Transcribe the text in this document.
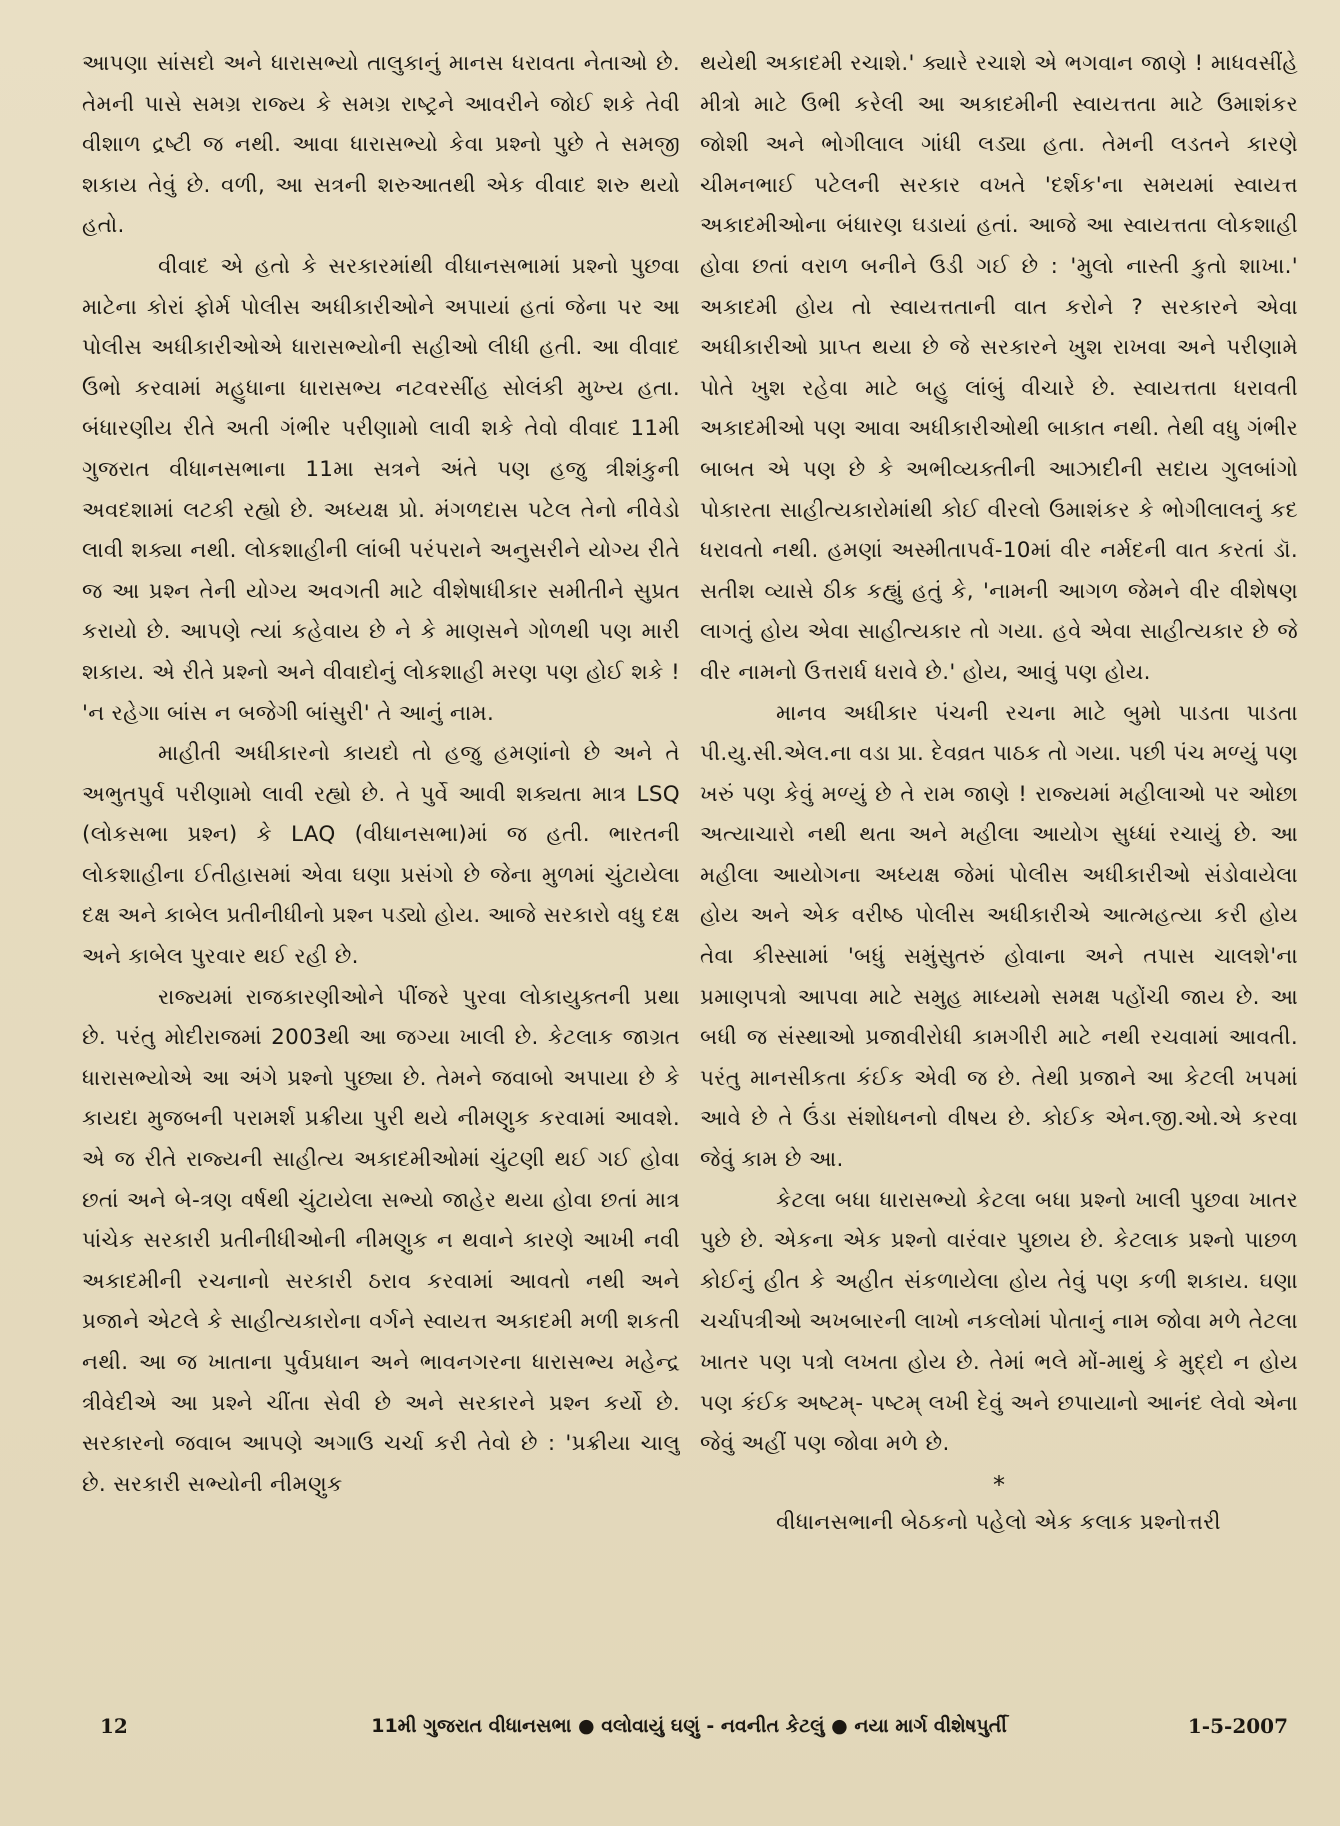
આપણા સાંસદો અને ધારાસભ્યો તાલુકાનું માનસ ધરાવતા નેતાઓ છે. તેમની પાસે સમગ્ર રાજ્ય કે સમગ્ર રાષ્ટ્રને આવરીને જોઈ શકે તેવી વીશાળ દ્રષ્ટી જ નથી. આવા ધારાસભ્યો કેવા પ્રશ્નો પુછે તે સમજી શકાય તેવું છે. વળી, આ સત્રની શરુઆતથી એક વીવાદ શરુ થયો હતો.

વીવાદ એ હતો કે સરકારમાંથી વીધાનસભામાં પ્રશ્નો પુછવા માટેના કોરાં ફોર્મ પોલીસ અધીકારીઓને અપાયાં હતાં જેના પર આ પોલીસ અધીકારીઓએ ધારાસભ્યોની સહીઓ લીધી હતી. આ વીવાદ ઉભો કરવામાં મહુધાના ધારાસભ્ય નટવરસીંહ સોલંકી મુખ્ય હતા. બંધારણીય રીતે અતી ગંભીર પરીણામો લાવી શકે તેવો વીવાદ 11મી ગુજરાત વીધાનસભાના 11મા સત્રને અંતે પણ હજુ ત્રીશંકુની અવદશામાં લટકી રહ્યો છે. અધ્યક્ષ પ્રો. મંગળદાસ પટેલ તેનો નીવેડો લાવી શક્યા નથી. લોકશાહીની લાંબી પરંપરાને અનુસરીને યોગ્ય રીતે જ આ પ્રશ્ન તેની યોગ્ય અવગતી માટે વીશેષાધીકાર સમીતીને સુપ્રત કરાયો છે. આપણે ત્યાં કહેવાય છે ને કે માણસને ગોળથી પણ મારી શકાય. એ રીતે પ્રશ્નો અને વીવાદોનું લોકશાહી મરણ પણ હોઈ શકે ! 'ન રહેગા બાંસ ન બજેગી બાંસુરી' તે આનું નામ.

માહીતી અધીકારનો કાયદો તો હજુ હમણાંનો છે અને તે અભુતપુર્વ પરીણામો લાવી રહ્યો છે. તે પુર્વે આવી શક્યતા માત્ર LSQ (લોકસભા પ્રશ્ન) કે LAQ (વીધાનસભા)માં જ હતી. ભારતની લોકશાહીના ઈતીહાસમાં એવા ઘણા પ્રસંગો છે જેના મુળમાં ચુંટાયેલા દક્ષ અને કાબેલ પ્રતીનીધીનો પ્રશ્ન પડ્યો હોય. આજે સરકારો વધુ દક્ષ અને કાબેલ પુરવાર થઈ રહી છે.

રાજ્યમાં રાજકારણીઓને પીંજરે પુરવા લોકાયુક્તની પ્રથા છે. પરંતુ મોદીરાજમાં 2003થી આ જગ્યા ખાલી છે. કેટલાક જાગ્રત ધારાસભ્યોએ આ અંગે પ્રશ્નો પુછ્યા છે. તેમને જવાબો અપાયા છે કે કાયદા મુજબની પરામર્શ પ્રક્રીયા પુરી થયે નીમણુક કરવામાં આવશે. એ જ રીતે રાજ્યની સાહીત્ય અકાદમીઓમાં ચુંટણી થઈ ગઈ હોવા છતાં અને બે-ત્રણ વર્ષથી ચુંટાયેલા સભ્યો જાહેર થયા હોવા છતાં માત્ર પાંચેક સરકારી પ્રતીનીધીઓની નીમણુક ન થવાને કારણે આખી નવી અકાદમીની રચનાનો સરકારી ઠરાવ કરવામાં આવતો નથી અને પ્રજાને એટલે કે સાહીત્યકારોના વર્ગને સ્વાયત્ત અકાદમી મળી શકતી નથી. આ જ ખાતાના પુર્વપ્રધાન અને ભાવનગરના ધારાસભ્ય મહેન્દ્ર ત્રીવેદીએ આ પ્રશ્ને ચીંતા સેવી છે અને સરકારને પ્રશ્ન કર્યો છે. સરકારનો જવાબ આપણે અગાઉ ચર્ચા કરી તેવો છે : 'પ્રક્રીયા ચાલુ છે. સરકારી સભ્યોની નીમણુક

થયેથી અકાદમી રચાશે.' ક્યારે રચાશે એ ભગવાન જાણે ! માધવસીંહે મીત્રો માટે ઉભી કરેલી આ અકાદમીની સ્વાયત્તતા માટે ઉમાશંકર જોશી અને ભોગીલાલ ગાંધી લડ્યા હતા. તેમની લડતને કારણે ચીમનભાઈ પટેલની સરકાર વખતે 'દર્શક'ના સમયમાં સ્વાયત્ત અકાદમીઓના બંધારણ ઘડાયાં હતાં. આજે આ સ્વાયત્તતા લોકશાહી હોવા છતાં વરાળ બનીને ઉડી ગઈ છે : 'મુલો નાસ્તી કુતો શાખા.' અકાદમી હોય તો સ્વાયત્તતાની વાત કરોને ? સરકારને એવા અધીકારીઓ પ્રાપ્ત થયા છે જે સરકારને ખુશ રાખવા અને પરીણામે પોતે ખુશ રહેવા માટે બહુ લાંબું વીચારે છે. સ્વાયત્તતા ધરાવતી અકાદમીઓ પણ આવા અધીકારીઓથી બાકાત નથી. તેથી વધુ ગંભીર બાબત એ પણ છે કે અભીવ્યક્તીની આઝાદીની સદાય ગુલબાંગો પોકારતા સાહીત્યકારોમાંથી કોઈ વીરલો ઉમાશંકર કે ભોગીલાલનું કદ ધરાવતો નથી. હમણાં અસ્મીતાપર્વ-10માં વીર નર્મદની વાત કરતાં ડૉ. સતીશ વ્યાસે ઠીક કહ્યું હતું કે, 'નામની આગળ જેમને વીર વીશેષણ લાગતું હોય એવા સાહીત્યકાર તો ગયા. હવે એવા સાહીત્યકાર છે જે વીર નામનો ઉત્તરાર્ધ ધરાવે છે.' હોય, આવું પણ હોય.

માનવ અધીકાર પંચની રચના માટે બુમો પાડતા પાડતા પી.યુ.સી.એલ.ના વડા પ્રા. દેવવ્રત પાઠક તો ગયા. પછી પંચ મળ્યું પણ ખરું પણ કેવું મળ્યું છે તે રામ જાણે ! રાજ્યમાં મહીલાઓ પર ઓછા અત્યાચારો નથી થતા અને મહીલા આયોગ સુધ્ધાં રચાયું છે. આ મહીલા આયોગના અધ્યક્ષ જેમાં પોલીસ અધીકારીઓ સંડોવાયેલા હોય અને એક વરીષ્ઠ પોલીસ અધીકારીએ આત્મહત્યા કરી હોય તેવા કીસ્સામાં 'બધું સમુંસુતરું હોવાના અને તપાસ ચાલશે'ના પ્રમાણપત્રો આપવા માટે સમુહ માધ્યમો સમક્ષ પહોંચી જાય છે. આ બધી જ સંસ્થાઓ પ્રજાવીરોધી કામગીરી માટે નથી રચવામાં આવતી. પરંતુ માનસીકતા કંઈક એવી જ છે. તેથી પ્રજાને આ કેટલી ખપમાં આવે છે તે ઉંડા સંશોધનનો વીષય છે. કોઈક એન.જી.ઓ.એ કરવા જેવું કામ છે આ.

કેટલા બધા ધારાસભ્યો કેટલા બધા પ્રશ્નો ખાલી પુછવા ખાતર પુછે છે. એકના એક પ્રશ્નો વારંવાર પુછાય છે. કેટલાક પ્રશ્નો પાછળ કોઈનું હીત કે અહીત સંકળાયેલા હોય તેવું પણ કળી શકાય. ઘણા ચર્ચાપત્રીઓ અખબારની લાખો નકલોમાં પોતાનું નામ જોવા મળે તેટલા ખાતર પણ પત્રો લખતા હોય છે. તેમાં ભલે મોં-માથું કે મુદ્દો ન હોય પણ કંઈક અષ્ટમ્- પષ્ટમ્ લખી દેવું અને છપાયાનો આનંદ લેવો એના જેવું અહીં પણ જોવા મળે છે.

*

વીધાનસભાની બેઠકનો પહેલો એક કલાક પ્રશ્નોત્તરી

12	11મી ગુજરાત વીધાનસભા ● વલોવાયું ઘણું - નવનીત કેટલું ● નયા માર્ગ વીશેષપુર્તી	1-5-2007
